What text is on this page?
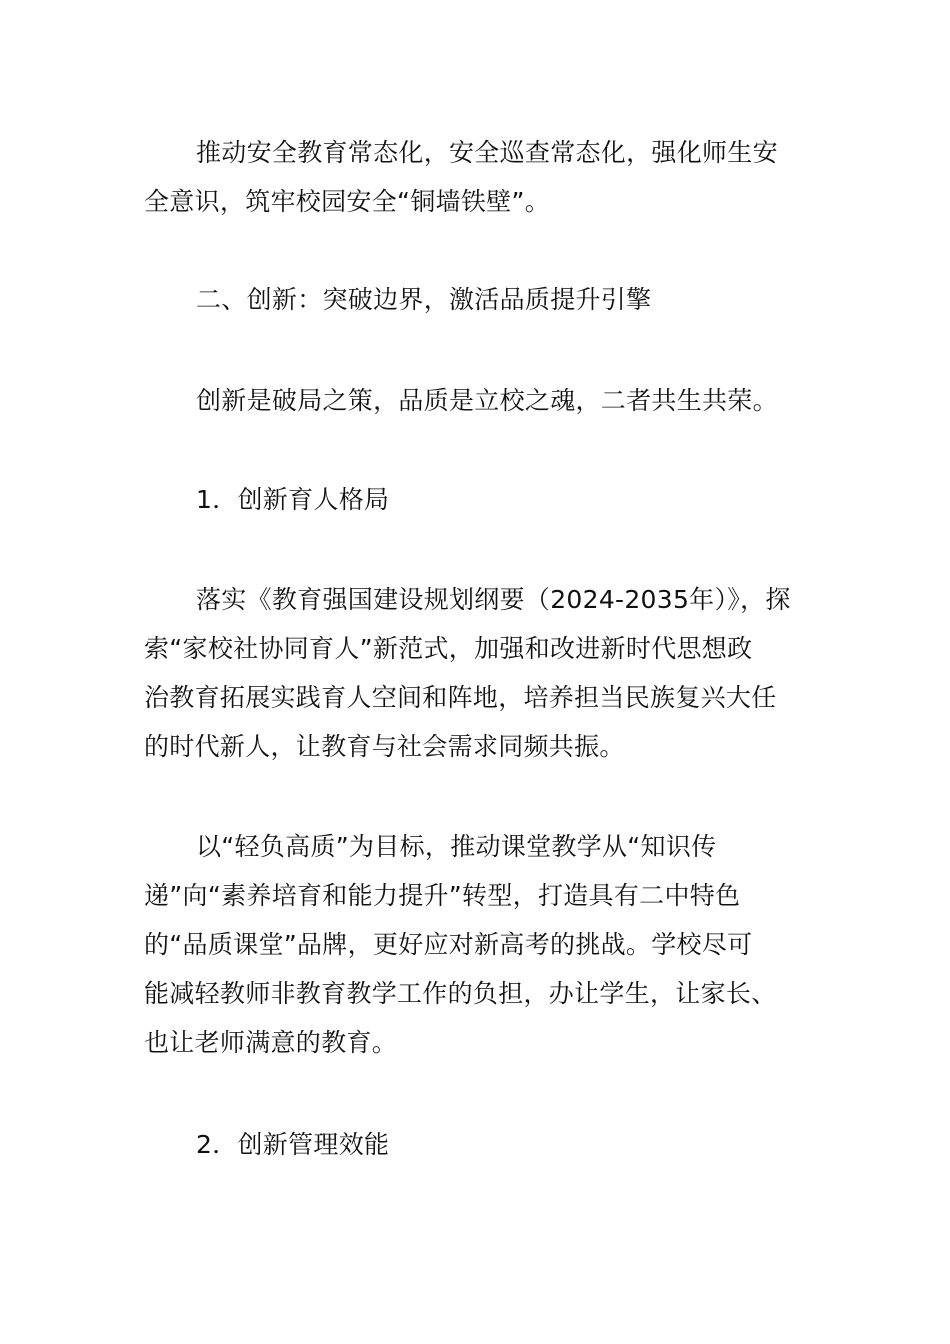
推动安全教育常态化，安全巡查常态化，强化师生安
全意识，筑牢校园安全“铜墙铁壁”。
二、创新：突破边界，激活品质提升引擎
创新是破局之策，品质是立校之魂，二者共生共荣。
1．创新育人格局
落实《教育强国建设规划纲要（2024-2035年）》，探
索“家校社协同育人”新范式，加强和改进新时代思想政
治教育拓展实践育人空间和阵地，培养担当民族复兴大任
的时代新人，让教育与社会需求同频共振。
以“轻负高质”为目标，推动课堂教学从“知识传
递”向“素养培育和能力提升”转型，打造具有二中特色
的“品质课堂”品牌，更好应对新高考的挑战。学校尽可
能减轻教师非教育教学工作的负担，办让学生，让家长、
也让老师满意的教育。
2．创新管理效能
